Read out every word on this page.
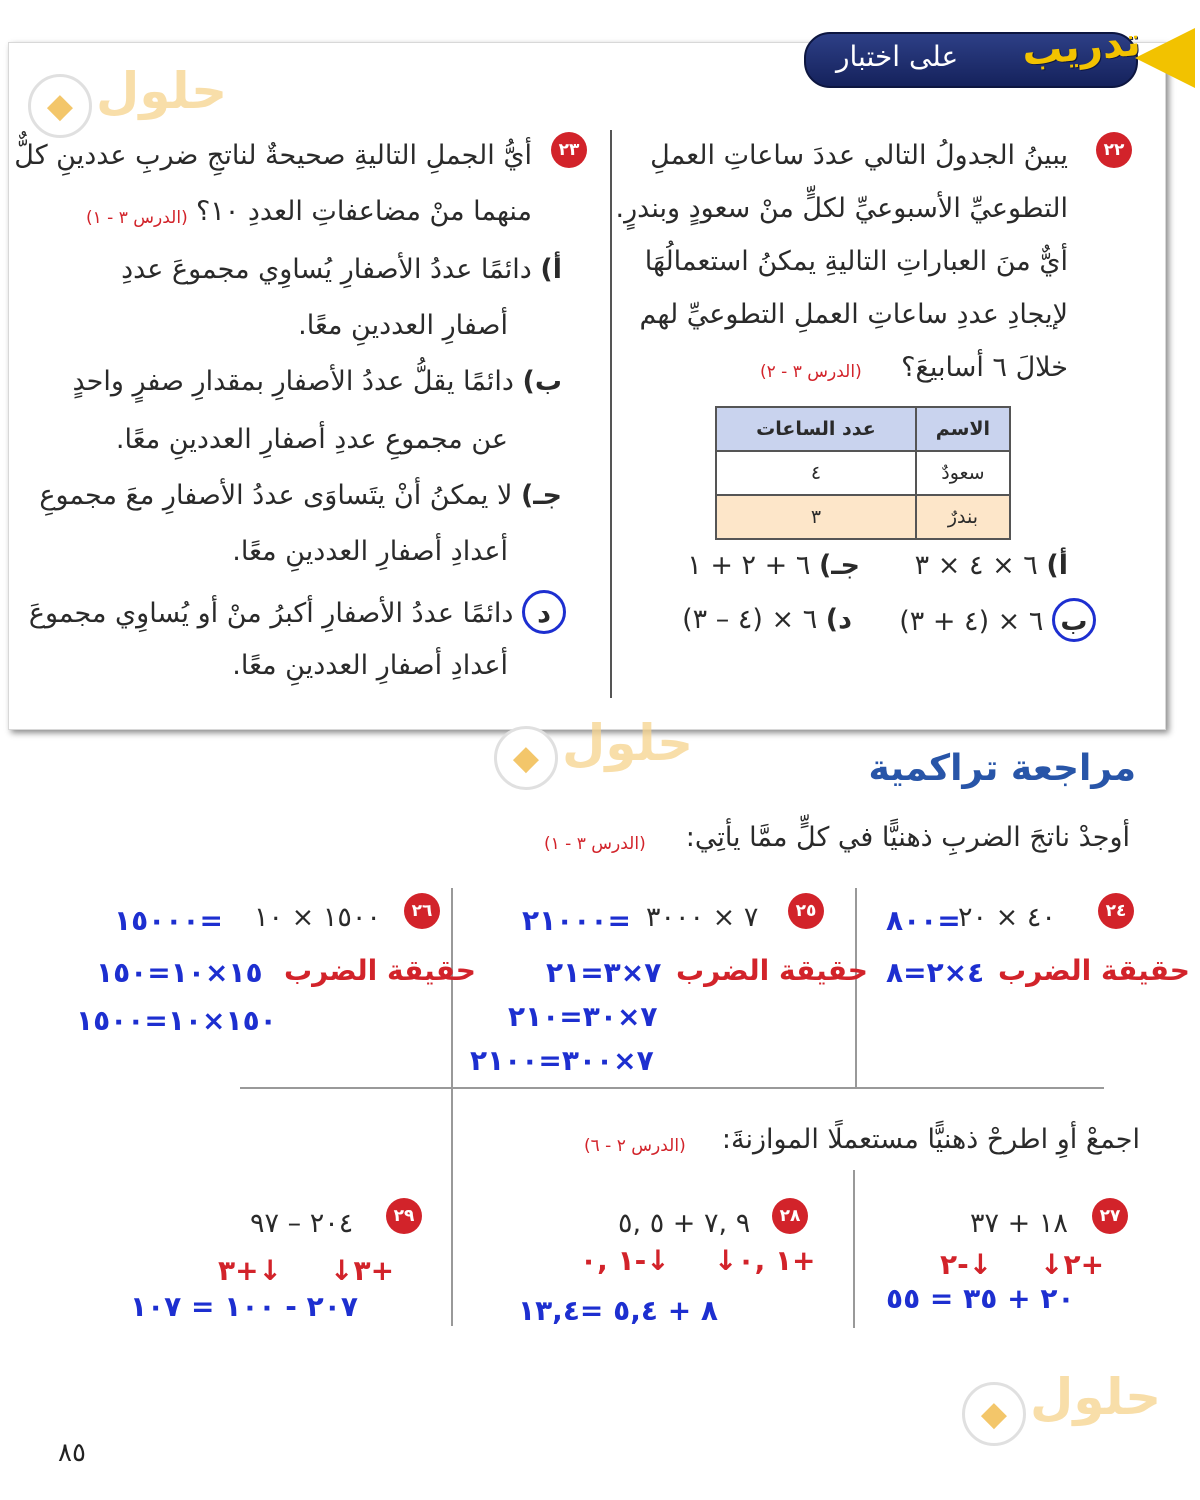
على اختبار تدريب
◆ حلول
٢٢
يبينُ الجدولُ التالي عددَ ساعاتِ العملِ
التطوعيِّ الأسبوعيِّ لكلٍّ منْ سعودٍ وبندرٍ.
أيٌّ منَ العباراتِ التاليةِ يمكنُ استعمالُهَا
لإيجادِ عددِ ساعاتِ العملِ التطوعيِّ لهم
خلالَ ٦ أسابيعَ؟
(الدرس ٣ - ٢)
الاسم	عدد الساعات
سعودٌ	٤
بندرٌ	٣
أ) ٦ × ٤ × ٣
جـ) ٦ + ٢ + ١
ب ٦ × (٤ + ٣)
د) ٦ × (٤ – ٣)
٢٣
أيُّ الجملِ التاليةِ صحيحةٌ لناتجِ ضربِ عددينِ كلٌّ
منهما منْ مضاعفاتِ العددِ ١٠؟
(الدرس ٣ - ١)
أ) دائمًا عددُ الأصفارِ يُساوِي مجموعَ عددِ
أصفارِ العددينِ معًا.
ب) دائمًا يقلُّ عددُ الأصفارِ بمقدارِ صفرٍ واحدٍ
عن مجموعِ عددِ أصفارِ العددينِ معًا.
جـ) لا يمكنُ أنْ يتَساوَى عددُ الأصفارِ معَ مجموعِ
أعدادِ أصفارِ العددينِ معًا.
د دائمًا عددُ الأصفارِ أكبرُ منْ أو يُساوِي مجموعَ
أعدادِ أصفارِ العددينِ معًا.
◆ حلول	مراجعة تراكمية
أوجدْ ناتجَ الضربِ ذهنيًّا في كلٍّ ممَّا يأتِي:
(الدرس ٣ - ١)
٢٤
=٨٠٠
٤٠ × ٢٠
حقيقة الضرب
٤×٢=٨
٢٥
=٢١٠٠٠ ٧ × ٣٠٠٠
حقيقة الضرب
٧×٣=٢١
٧×٣٠=٢١٠
٧×٣٠٠=٢١٠٠
٢٦
=١٥٠٠٠ ١٥٠٠ × ١٠
حقيقة الضرب
١٥×١٠=١٥٠
١٥٠×١٠=١٥٠٠
اجمعْ أوِ اطرحْ ذهنيًّا مستعملًا الموازنةَ:
(الدرس ٢ - ٦)
٢٧
١٨ + ٣٧
+٢↓
↓-٢
٢٠ + ٣٥ = ٥٥
٢٨
٩ ,٧ + ٥ ,٥
+١ ,٠↓
↓-١ ,٠
٨ + ٥,٤ =١٣,٤
٢٩
٢٠٤ – ٩٧
+٣↓
↓+٣
٢٠٧ - ١٠٠ = ١٠٧
◆ حلول
٨٥
